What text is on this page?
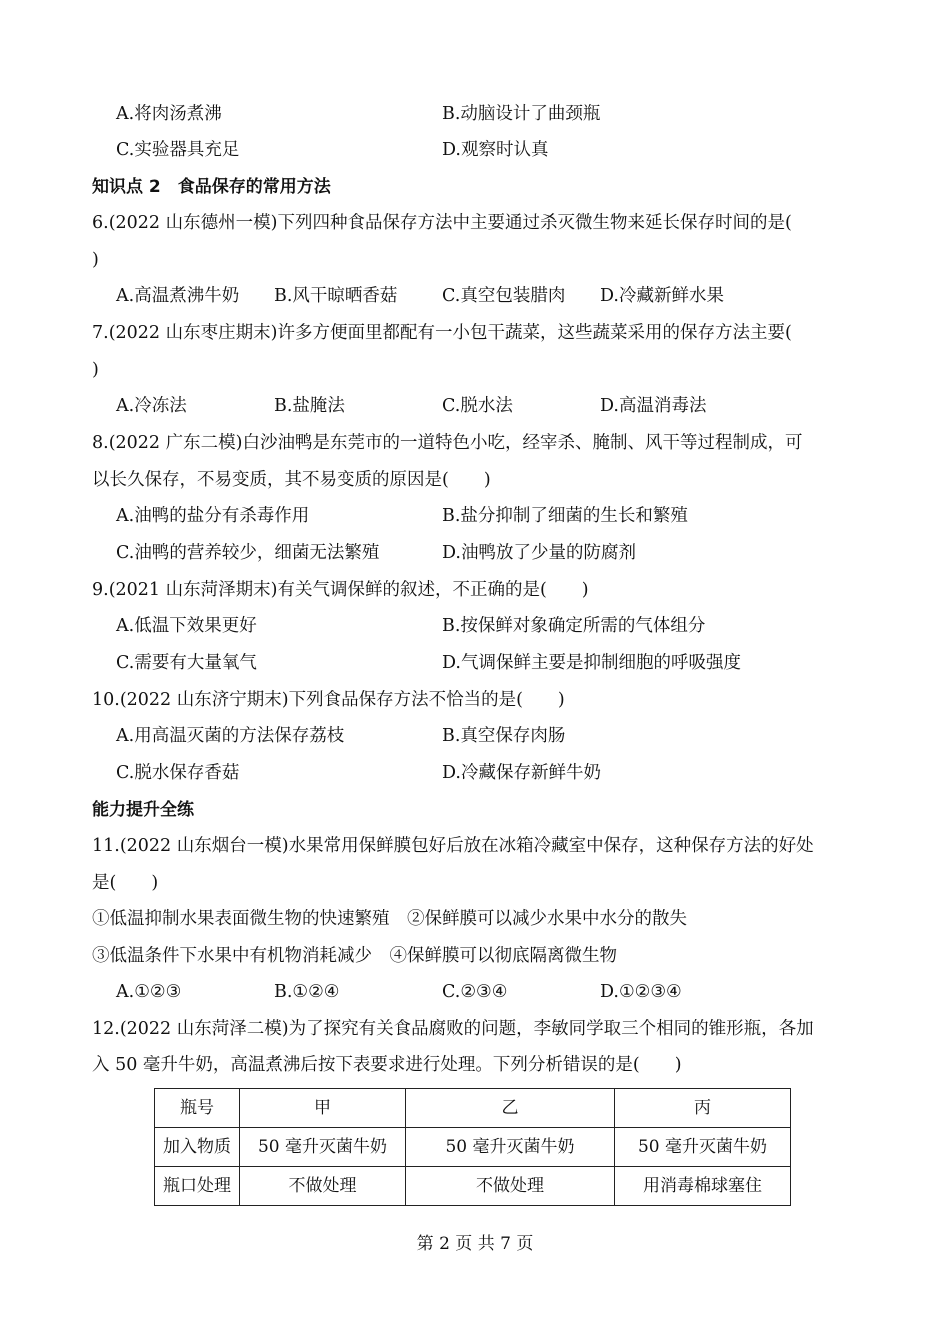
A.将肉汤煮沸	B.动脑设计了曲颈瓶
C.实验器具充足	D.观察时认真
知识点 2　食品保存的常用方法
6.(2022 山东德州一模)下列四种食品保存方法中主要通过杀灭微生物来延长保存时间的是(
)
A.高温煮沸牛奶 B.风干晾晒香菇	C.真空包装腊肉 D.冷藏新鲜水果
7.(2022 山东枣庄期末)许多方便面里都配有一小包干蔬菜，这些蔬菜采用的保存方法主要(
)
A.冷冻法	B.盐腌法	C.脱水法	D.高温消毒法
8.(2022 广东二模)白沙油鸭是东莞市的一道特色小吃，经宰杀、腌制、风干等过程制成，可
以长久保存，不易变质，其不易变质的原因是(　　)
A.油鸭的盐分有杀毒作用	B.盐分抑制了细菌的生长和繁殖
C.油鸭的营养较少，细菌无法繁殖	D.油鸭放了少量的防腐剂
9.(2021 山东菏泽期末)有关气调保鲜的叙述，不正确的是(　　)
A.低温下效果更好	B.按保鲜对象确定所需的气体组分
C.需要有大量氧气	D.气调保鲜主要是抑制细胞的呼吸强度
10.(2022 山东济宁期末)下列食品保存方法不恰当的是(　　)
A.用高温灭菌的方法保存荔枝	B.真空保存肉肠
C.脱水保存香菇	D.冷藏保存新鲜牛奶
能力提升全练
11.(2022 山东烟台一模)水果常用保鲜膜包好后放在冰箱冷藏室中保存，这种保存方法的好处
是(　　)
①低温抑制水果表面微生物的快速繁殖　②保鲜膜可以减少水果中水分的散失
③低温条件下水果中有机物消耗减少　④保鲜膜可以彻底隔离微生物
A.①②③	B.①②④	C.②③④	D.①②③④
12.(2022 山东菏泽二模)为了探究有关食品腐败的问题，李敏同学取三个相同的锥形瓶，各加
入 50 毫升牛奶，高温煮沸后按下表要求进行处理。下列分析错误的是(　　)
瓶号	甲	乙	丙
加入物质	50 毫升灭菌牛奶	50 毫升灭菌牛奶	50 毫升灭菌牛奶
瓶口处理	不做处理	不做处理	用消毒棉球塞住
第 2 页 共 7 页
